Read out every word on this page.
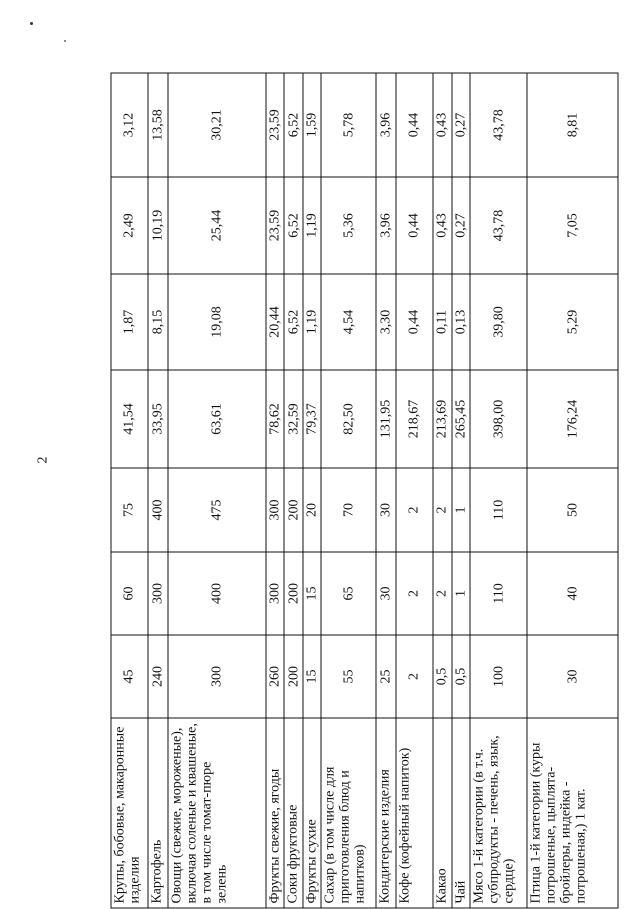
2
Крупы, бобовые, макаронные изделия	45	60	75	41,54	1,87	2,49	3,12
Картофель	240	300	400	33,95	8,15	10,19	13,58
Овощи (свежие, мороженые), включая соленые и квашеные, в том числе томат-пюре зелень	300	400	475	63,61	19,08	25,44	30,21
Фрукты свежие, ягоды	260	300	300	78,62	20,44	23,59	23,59
Соки фруктовые	200	200	200	32,59	6,52	6,52	6,52
Фрукты сухие	15	15	20	79,37	1,19	1,19	1,59
Сахар (в том числе для приготовления блюд и напитков)	55	65	70	82,50	4,54	5,36	5,78
Кондитерские изделия	25	30	30	131,95	3,30	3,96	3,96
Кофе (кофейный напиток)	2	2	2	218,67	0,44	0,44	0,44
Какао	0,5	2	2	213,69	0,11	0,43	0,43
Чай	0,5	1	1	265,45	0,13	0,27	0,27
Мясо 1-й категории (в т.ч. субпродукты - печень, язык, сердце)	100	110	110	398,00	39,80	43,78	43,78
Птица 1-й категории (куры потрошеные, цыплята-бройлеры, индейка - потрошеная,) 1 кат.	30	40	50	176,24	5,29	7,05	8,81
